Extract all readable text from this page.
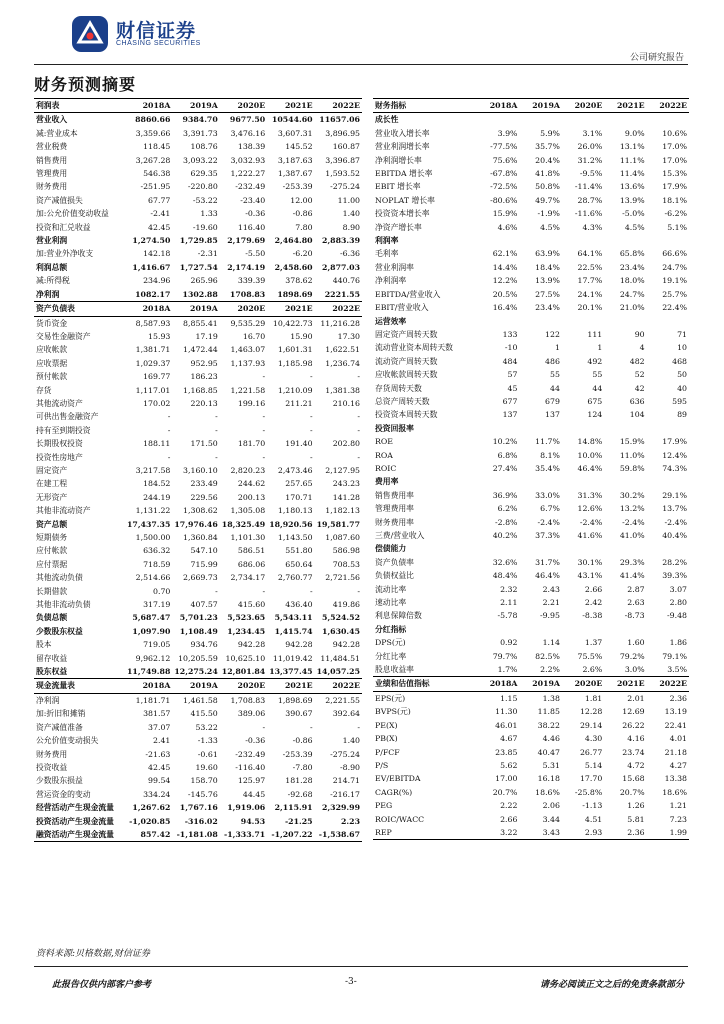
财信证券
CHASING SECURITIES
公司研究报告
财务预测摘要
利润表	2018A	2019A	2020E	2021E	2022E
营业收入	8860.66	9384.70	9677.50	10544.60	11657.06
减:营业成本	3,359.66	3,391.73	3,476.16	3,607.31	3,896.95
营业税费	118.45	108.76	138.39	145.52	160.87
销售费用	3,267.28	3,093.22	3,032.93	3,187.63	3,396.87
管理费用	546.38	629.35	1,222.27	1,387.67	1,593.52
财务费用	-251.95	-220.80	-232.49	-253.39	-275.24
资产减值损失	67.77	-53.22	-23.40	12.00	11.00
加:公允价值变动收益	-2.41	1.33	-0.36	-0.86	1.40
投资和汇兑收益	42.45	-19.60	116.40	7.80	8.90
营业利润	1,274.50	1,729.85	2,179.69	2,464.80	2,883.39
加:营业外净收支	142.18	-2.31	-5.50	-6.20	-6.36
利润总额	1,416.67	1,727.54	2,174.19	2,458.60	2,877.03
减:所得税	234.96	265.96	339.39	378.62	440.76
净利润	1082.17	1302.88	1708.83	1898.69	2221.55
资产负债表	2018A	2019A	2020E	2021E	2022E
货币资金	8,587.93	8,855.41	9,535.29	10,422.73	11,216.28
交易性金融资产	15.93	17.19	16.70	15.90	17.30
应收帐款	1,381.71	1,472.44	1,463.07	1,601.31	1,622.51
应收票据	1,029.37	952.95	1,137.93	1,185.98	1,236.74
预付帐款	169.77	186.23	-	-	-
存货	1,117.01	1,168.85	1,221.58	1,210.09	1,381.38
其他流动资产	170.02	220.13	199.16	211.21	210.16
可供出售金融资产	-	-	-	-	-
持有至到期投资	-	-	-	-	-
长期股权投资	188.11	171.50	181.70	191.40	202.80
投资性房地产	-	-	-	-	-
固定资产	3,217.58	3,160.10	2,820.23	2,473.46	2,127.95
在建工程	184.52	233.49	244.62	257.65	243.23
无形资产	244.19	229.56	200.13	170.71	141.28
其他非流动资产	1,131.22	1,308.62	1,305.08	1,180.13	1,182.13
资产总额	17,437.35	17,976.46	18,325.49	18,920.56	19,581.77
短期债务	1,500.00	1,360.84	1,101.30	1,143.50	1,087.60
应付帐款	636.32	547.10	586.51	551.80	586.98
应付票据	718.59	715.99	686.06	650.64	708.53
其他流动负债	2,514.66	2,669.73	2,734.17	2,760.77	2,721.56
长期借款	0.70	-	-	-	-
其他非流动负债	317.19	407.57	415.60	436.40	419.86
负债总额	5,687.47	5,701.23	5,523.65	5,543.11	5,524.52
少数股东权益	1,097.90	1,108.49	1,234.45	1,415.74	1,630.45
股本	719.05	934.76	942.28	942.28	942.28
留存收益	9,962.12	10,205.59	10,625.10	11,019.42	11,484.51
股东权益	11,749.88	12,275.24	12,801.84	13,377.45	14,057.25
现金流量表	2018A	2019A	2020E	2021E	2022E
净利润	1,181.71	1,461.58	1,708.83	1,898.69	2,221.55
加:折旧和摊销	381.57	415.50	389.06	390.67	392.64
资产减值准备	37.07	53.22	-	-	-
公允价值变动损失	2.41	-1.33	-0.36	-0.86	1.40
财务费用	-21.63	-0.61	-232.49	-253.39	-275.24
投资收益	42.45	19.60	-116.40	-7.80	-8.90
少数股东损益	99.54	158.70	125.97	181.28	214.71
营运资金的变动	334.24	-145.76	44.45	-92.68	-216.17
经营活动产生现金流量	1,267.62	1,767.16	1,919.06	2,115.91	2,329.99
投资活动产生现金流量	-1,020.85	-316.02	94.53	-21.25	2.23
融资活动产生现金流量	857.42	-1,181.08	-1,333.71	-1,207.22	-1,538.67
财务指标	2018A	2019A	2020E	2021E	2022E
成长性					
营业收入增长率	3.9%	5.9%	3.1%	9.0%	10.6%
营业利润增长率	-77.5%	35.7%	26.0%	13.1%	17.0%
净利润增长率	75.6%	20.4%	31.2%	11.1%	17.0%
EBITDA 增长率	-67.8%	41.8%	-9.5%	11.4%	15.3%
EBIT 增长率	-72.5%	50.8%	-11.4%	13.6%	17.9%
NOPLAT 增长率	-80.6%	49.7%	28.7%	13.9%	18.1%
投资资本增长率	15.9%	-1.9%	-11.6%	-5.0%	-6.2%
净资产增长率	4.6%	4.5%	4.3%	4.5%	5.1%
利润率					
毛利率	62.1%	63.9%	64.1%	65.8%	66.6%
营业利润率	14.4%	18.4%	22.5%	23.4%	24.7%
净利润率	12.2%	13.9%	17.7%	18.0%	19.1%
EBITDA/营业收入	20.5%	27.5%	24.1%	24.7%	25.7%
EBIT/营业收入	16.4%	23.4%	20.1%	21.0%	22.4%
运营效率					
固定资产周转天数	133	122	111	90	71
流动营业资本周转天数	-10	1	1	4	10
流动资产周转天数	484	486	492	482	468
应收帐款周转天数	57	55	55	52	50
存货周转天数	45	44	44	42	40
总资产周转天数	677	679	675	636	595
投资资本周转天数	137	137	124	104	89
投资回报率					
ROE	10.2%	11.7%	14.8%	15.9%	17.9%
ROA	6.8%	8.1%	10.0%	11.0%	12.4%
ROIC	27.4%	35.4%	46.4%	59.8%	74.3%
费用率					
销售费用率	36.9%	33.0%	31.3%	30.2%	29.1%
管理费用率	6.2%	6.7%	12.6%	13.2%	13.7%
财务费用率	-2.8%	-2.4%	-2.4%	-2.4%	-2.4%
三费/营业收入	40.2%	37.3%	41.6%	41.0%	40.4%
偿债能力					
资产负债率	32.6%	31.7%	30.1%	29.3%	28.2%
负债权益比	48.4%	46.4%	43.1%	41.4%	39.3%
流动比率	2.32	2.43	2.66	2.87	3.07
速动比率	2.11	2.21	2.42	2.63	2.80
利息保障倍数	-5.78	-9.95	-8.38	-8.73	-9.48
分红指标					
DPS(元)	0.92	1.14	1.37	1.60	1.86
分红比率	79.7%	82.5%	75.5%	79.2%	79.1%
股息收益率	1.7%	2.2%	2.6%	3.0%	3.5%
业绩和估值指标	2018A	2019A	2020E	2021E	2022E
EPS(元)	1.15	1.38	1.81	2.01	2.36
BVPS(元)	11.30	11.85	12.28	12.69	13.19
PE(X)	46.01	38.22	29.14	26.22	22.41
PB(X)	4.67	4.46	4.30	4.16	4.01
P/FCF	23.85	40.47	26.77	23.74	21.18
P/S	5.62	5.31	5.14	4.72	4.27
EV/EBITDA	17.00	16.18	17.70	15.68	13.38
CAGR(%)	20.7%	18.6%	-25.8%	20.7%	18.6%
PEG	2.22	2.06	-1.13	1.26	1.21
ROIC/WACC	2.66	3.44	4.51	5.81	7.23
REP	3.22	3.43	2.93	2.36	1.99
资料来源:贝格数据,财信证券
此报告仅供内部客户参考	-3-	请务必阅读正文之后的免责条款部分
